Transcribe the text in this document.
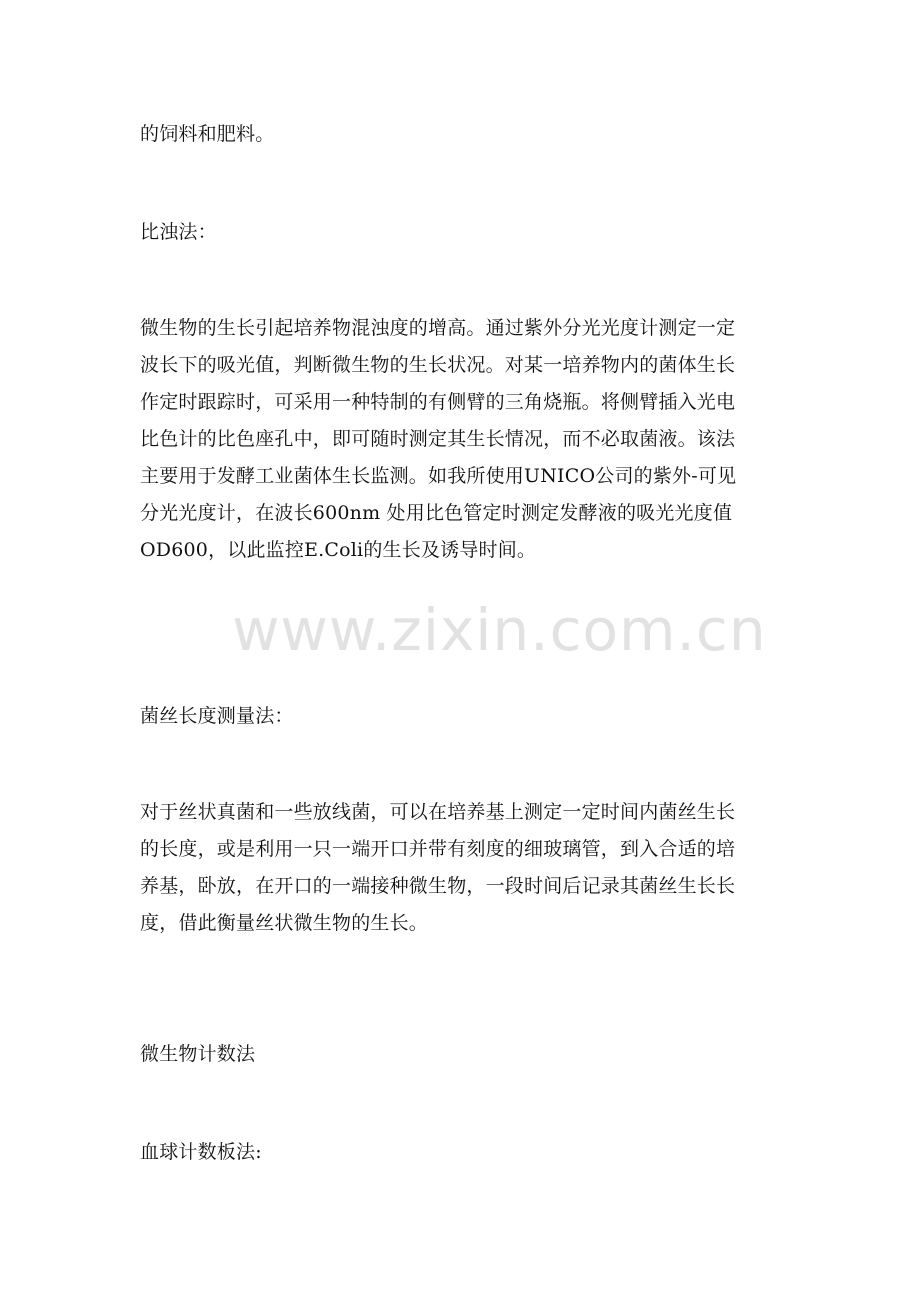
的饲料和肥料。

比浊法：

微生物的生长引起培养物混浊度的增高。通过紫外分光光度计测定一定
波长下的吸光值，判断微生物的生长状况。对某一培养物内的菌体生长
作定时跟踪时，可采用一种特制的有侧臂的三角烧瓶。将侧臂插入光电
比色计的比色座孔中，即可随时测定其生长情况，而不必取菌液。该法
主要用于发酵工业菌体生长监测。如我所使用UNICO公司的紫外-可见
分光光度计，在波长600nm 处用比色管定时测定发酵液的吸光光度值
OD600，以此监控E.Coli的生长及诱导时间。

菌丝长度测量法：

对于丝状真菌和一些放线菌，可以在培养基上测定一定时间内菌丝生长
的长度，或是利用一只一端开口并带有刻度的细玻璃管，到入合适的培
养基，卧放，在开口的一端接种微生物，一段时间后记录其菌丝生长长
度，借此衡量丝状微生物的生长。

微生物计数法

血球计数板法:

www.zixin.com.cn
